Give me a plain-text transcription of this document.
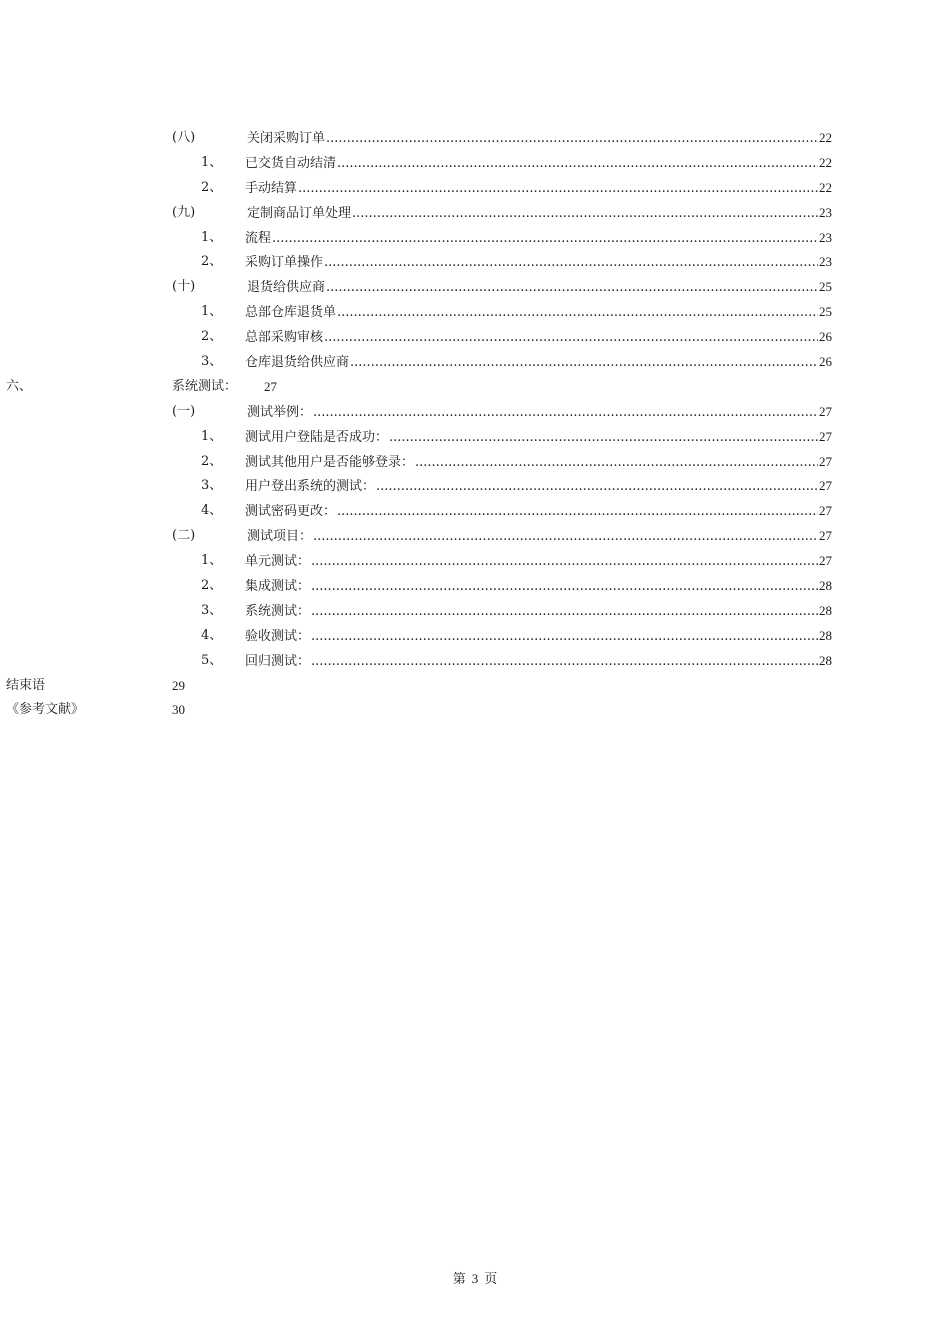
(八)	关闭采购订单 .....	22
1、 已交货自动结清 .....	22
2、 手动结算 .....	22
(九)	定制商品订单处理 .....	23
1、 流程 .....	23
2、 采购订单操作 .....	23
(十)	退货给供应商 .....	25
1、 总部仓库退货单 .....	25
2、 总部采购审核 .....	26
3、 仓库退货给供应商 .....	26
六、	系统测试： 27
(一)	测试举例： .....	27
1、 测试用户登陆是否成功： .....	27
2、 测试其他用户是否能够登录： .....	27
3、 用户登出系统的测试： .....	27
4、 测试密码更改： .....	27
(二)	测试项目： .....	27
1、 单元测试： .....	27
2、 集成测试： .....	28
3、 系统测试： .....	28
4、 验收测试： .....	28
5、 回归测试： .....	28
结束语	29
《参考文献》	30
第 3 页
